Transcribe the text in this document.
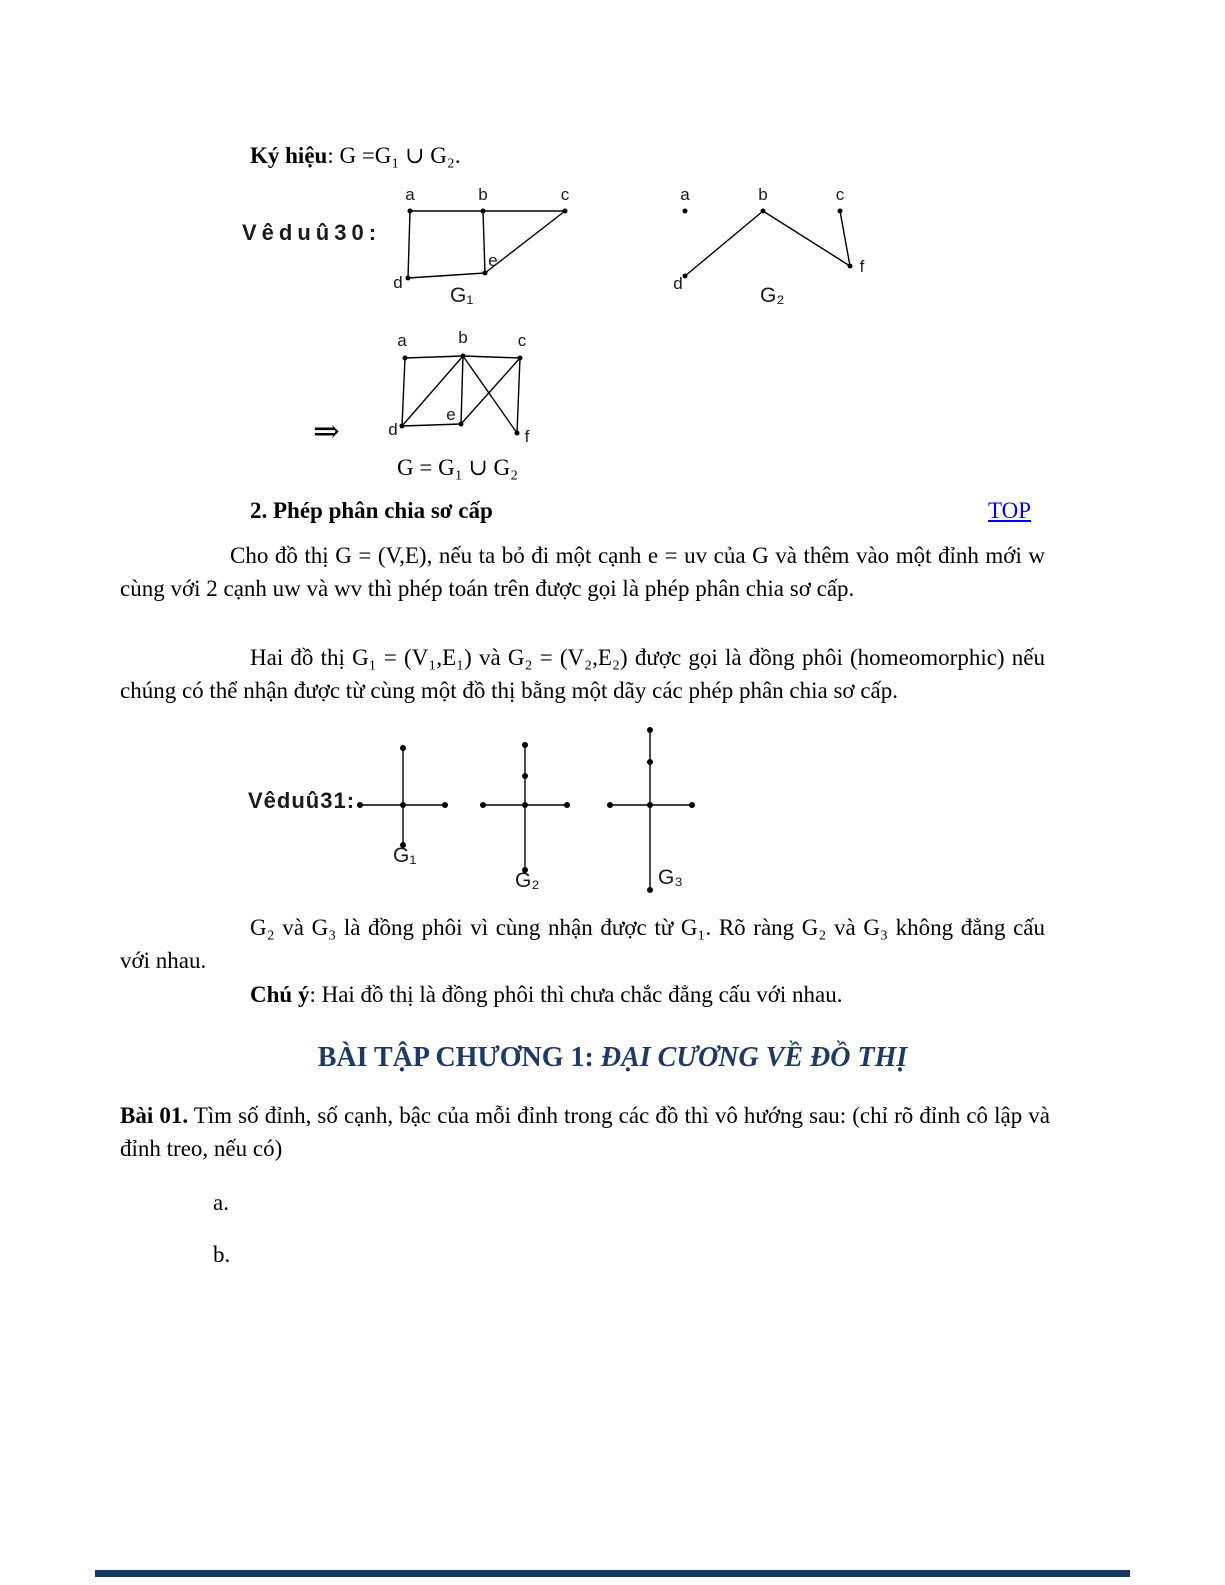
Ký hiệu: G =G₁ ∪ G₂.
Vêduû30:
a	b	c
d
e
G₁
a	b	c
d
f
G₂
⇒
a	b	c
d
e
f
G = G₁ ∪ G₂
2. Phép phân chia sơ cấp	TOP
Cho đồ thị G = (V,E), nếu ta bỏ đi một cạnh e = uv của G và thêm vào một đỉnh mới w cùng với 2 cạnh uw và wv thì phép toán trên được gọi là phép phân chia sơ cấp.
Hai đồ thị G₁ = (V₁,E₁) và G₂ = (V₂,E₂) được gọi là đồng phôi (homeomorphic) nếu chúng có thể nhận được từ cùng một đồ thị bằng một dãy các phép phân chia sơ cấp.
Vêduû31:
G₁
G₂	G₃
G₂ và G₃ là đồng phôi vì cùng nhận được từ G₁. Rõ ràng G₂ và G₃ không đẳng cấu với nhau.
Chú ý: Hai đồ thị là đồng phôi thì chưa chắc đẳng cấu với nhau.
BÀI TẬP CHƯƠNG 1: ĐẠI CƯƠNG VỀ ĐỒ THỊ
Bài 01. Tìm số đỉnh, số cạnh, bậc của mỗi đỉnh trong các đồ thì vô hướng sau: (chỉ rõ đỉnh cô lập và đỉnh treo, nếu có)
a.
b.
